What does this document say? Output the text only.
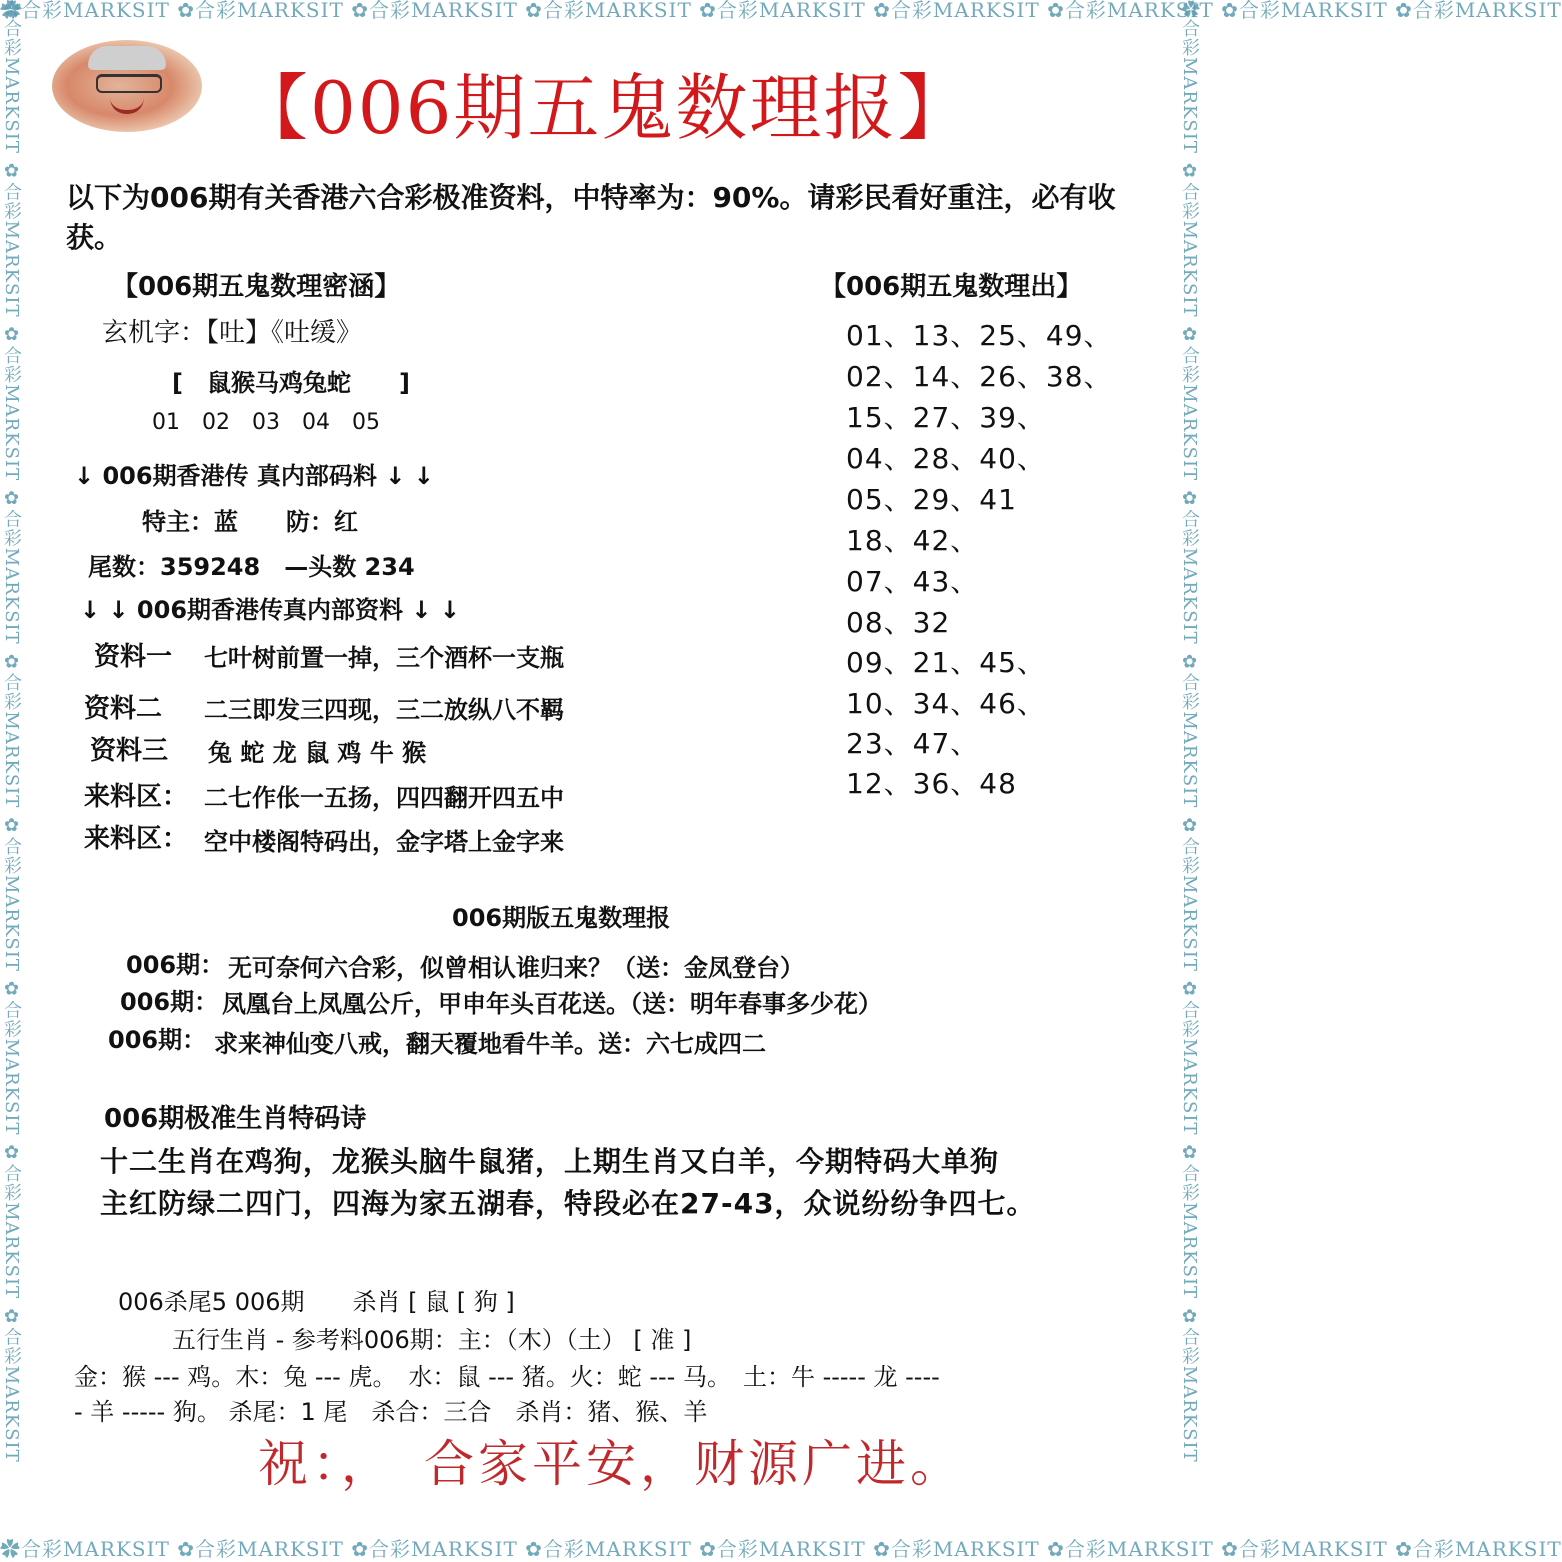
✿合彩MARKSIT ✿合彩MARKSIT ✿合彩MARKSIT ✿合彩MARKSIT ✿合彩MARKSIT ✿合彩MARKSIT ✿合彩MARKSIT ✿合彩MARKSIT ✿合彩MARKSIT
✿合彩MARKSIT ✿合彩MARKSIT ✿合彩MARKSIT ✿合彩MARKSIT ✿合彩MARKSIT ✿合彩MARKSIT ✿合彩MARKSIT ✿合彩MARKSIT ✿合彩MARKSIT
✿合彩MARKSIT ✿合彩MARKSIT ✿合彩MARKSIT ✿合彩MARKSIT ✿合彩MARKSIT ✿合彩MARKSIT ✿合彩MARKSIT ✿合彩MARKSIT ✿合彩MARKSIT	✿合彩MARKSIT ✿合彩MARKSIT ✿合彩MARKSIT ✿合彩MARKSIT ✿合彩MARKSIT ✿合彩MARKSIT ✿合彩MARKSIT ✿合彩MARKSIT ✿合彩MARKSIT
【006期五鬼数理报】
以下为006期有关香港六合彩极准资料，中特率为：90%。请彩民看好重注，必有收获。
【006期五鬼数理密涵】
玄机字：【吐】《吐缓》
[　鼠猴马鸡兔蛇　　]
01　02　03　04　05
↓ 006期香港传 真内部码料 ↓ ↓
特主：蓝　　防：红
尾数：359248　—头数 234
↓ ↓ 006期香港传真内部资料 ↓ ↓
资料一 七叶树前置一掉，三个酒杯一支瓶
资料二 二三即发三四现，三二放纵八不羁
资料三 兔 蛇 龙 鼠 鸡 牛 猴
来料区： 二七作伥一五扬，四四翻开四五中
来料区： 空中楼阁特码出，金字塔上金字来
【006期五鬼数理出】
01、13、25、49、
02、14、26、38、
15、27、39、
04、28、40、
05、29、41
18、42、
07、43、
08、32
09、21、45、
10、34、46、
23、47、
12、36、48
006期版五鬼数理报
006期： 无可奈何六合彩，似曾相认谁归来？（送：金凤登台）
006期： 凤凰台上凤凰公斤，甲申年头百花送。（送：明年春事多少花）
006期： 求来神仙变八戒，翻天覆地看牛羊。送：六七成四二
006期极准生肖特码诗
十二生肖在鸡狗，龙猴头脑牛鼠猪，上期生肖又白羊，今期特码大单狗
主红防绿二四门，四海为家五湖春，特段必在27-43，众说纷纷争四七。
006杀尾5 006期　　杀肖 [ 鼠 [ 狗 ]
五行生肖 - 参考料006期：主：（木）（土） [ 准 ]
金：猴 --- 鸡。木：兔 --- 虎。　水：鼠 --- 猪。火：蛇 --- 马。　土：牛 ----- 龙 ----
- 羊 ----- 狗。 杀尾：1 尾　杀合：三合　杀肖：猪、猴、羊
祝：，　合家平安，财源广进。
